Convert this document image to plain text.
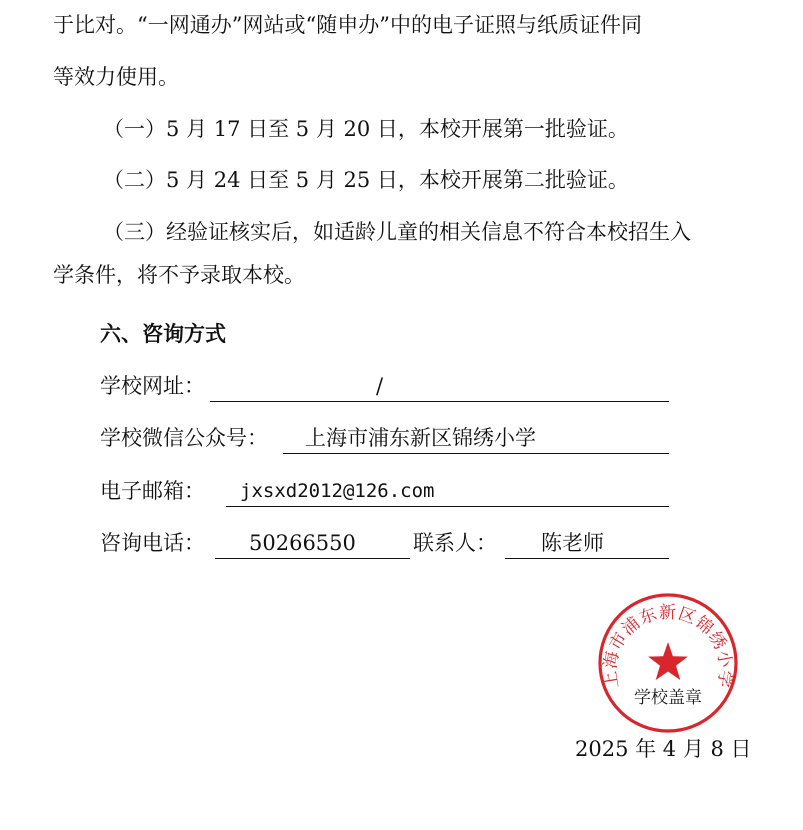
于比对。“一网通办”网站或“随申办”中的电子证照与纸质证件同
等效力使用。
（一）5 月 17 日至 5 月 20 日，本校开展第一批验证。
（二）5 月 24 日至 5 月 25 日，本校开展第二批验证。
（三）经验证核实后，如适龄儿童的相关信息不符合本校招生入
学条件，将不予录取本校。
六、咨询方式
学校网址：	/
学校微信公众号： 上海市浦东新区锦绣小学
电子邮箱： jxsxd2012@126.com
咨询电话： 50266550	联系人： 陈老师
上海市浦东新区锦绣小学
学校盖章
2025 年 4 月 8 日
